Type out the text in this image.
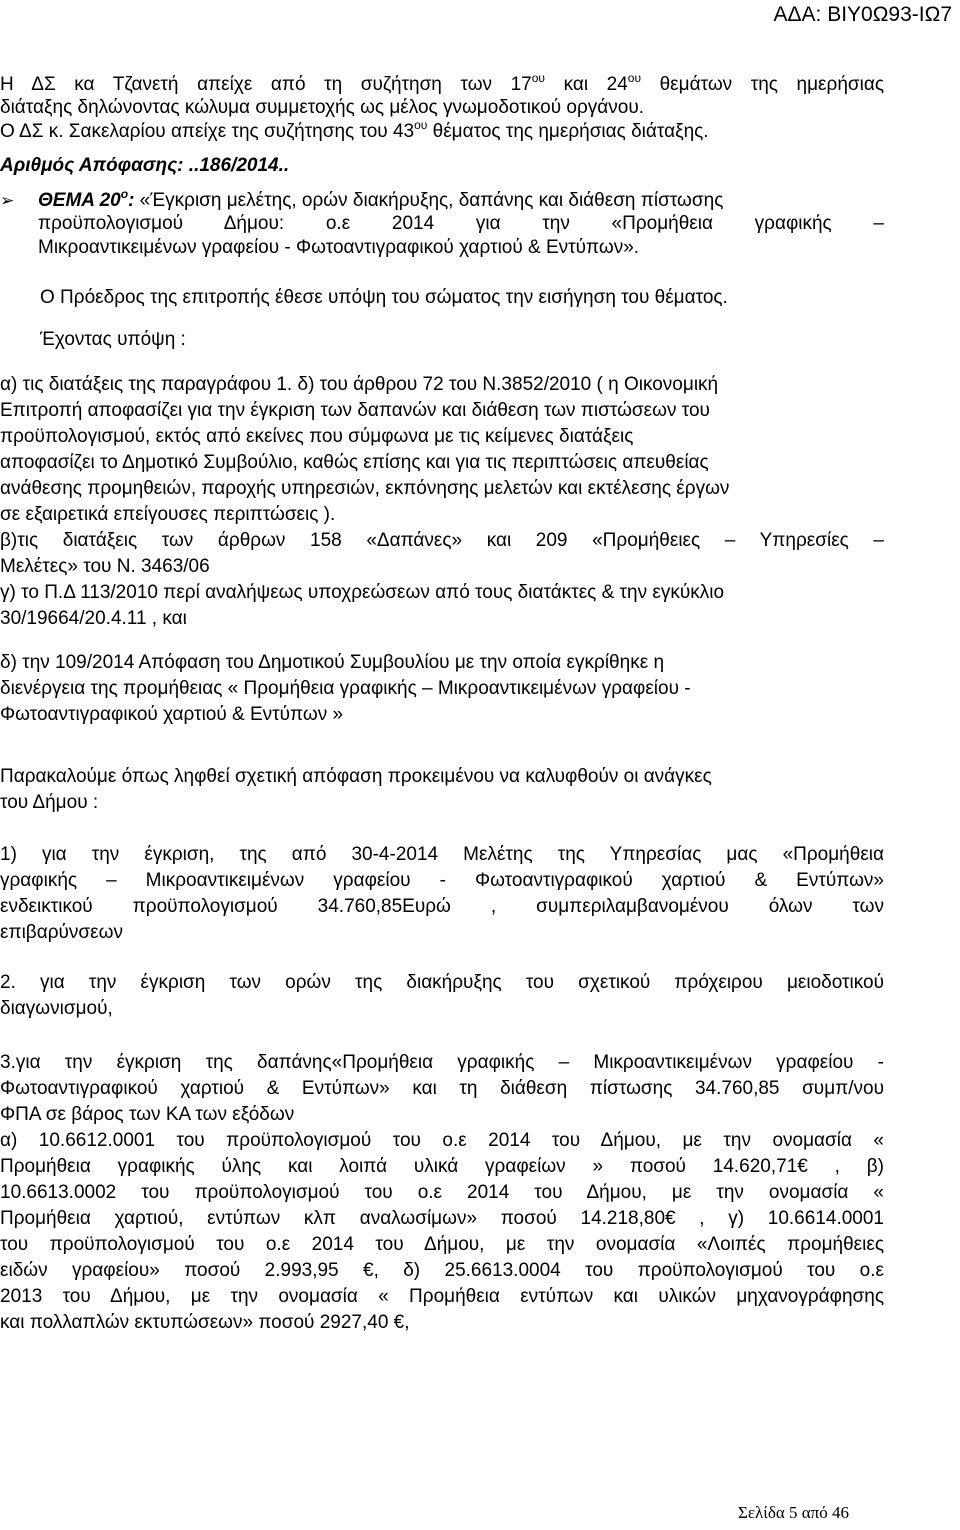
ΑΔΑ: ΒΙΥ0Ω93-ΙΩ7
Η ΔΣ κα Τζανετή απείχε από τη συζήτηση των $17^{o\upsilon}$ και $24^{o\upsilon}$ θεμάτων της ημερήσιας
διάταξης δηλώνοντας κώλυμα συμμετοχής ως μέλος γνωμοδοτικού οργάνου.
Ο ΔΣ κ. Σακελαρίου απείχε της συζήτησης του $43^{o\upsilon}$ θέματος της ημερήσιας διάταξης.
Αριθμός Απόφασης: ..186/2014..
➢ ΘΕΜΑ $20^o$: «Έγκριση μελέτης, ορών διακήρυξης, δαπάνης και διάθεση πίστωσης
προϋπολογισμού Δήμου: ο.ε 2014 για την «Προμήθεια γραφικής –
Μικροαντικειμένων γραφείου - Φωτοαντιγραφικού χαρτιού & Εντύπων».
Ο Πρόεδρος της επιτροπής έθεσε υπόψη του σώματος την εισήγηση του θέματος.
Έχοντας υπόψη :
α) τις διατάξεις της παραγράφου 1. δ) του άρθρου 72 του Ν.3852/2010 ( η Οικονομική
Επιτροπή αποφασίζει για την έγκριση των δαπανών και διάθεση των πιστώσεων του
προϋπολογισμού, εκτός από εκείνες που σύμφωνα με τις κείμενες διατάξεις
αποφασίζει το Δημοτικό Συμβούλιο, καθώς επίσης και για τις περιπτώσεις απευθείας
ανάθεσης προμηθειών, παροχής υπηρεσιών, εκπόνησης μελετών και εκτέλεσης έργων
σε εξαιρετικά επείγουσες περιπτώσεις ).
β)τις διατάξεις των άρθρων 158 «Δαπάνες» και 209 «Προμήθειες – Υπηρεσίες –
Μελέτες» του Ν. 3463/06
γ) το Π.Δ 113/2010 περί αναλήψεως υποχρεώσεων από τους διατάκτες & την εγκύκλιο
30/19664/20.4.11 , και
δ) την 109/2014 Απόφαση του Δημοτικού Συμβουλίου με την οποία εγκρίθηκε η
διενέργεια της προμήθειας « Προμήθεια γραφικής – Μικροαντικειμένων γραφείου -
Φωτοαντιγραφικού χαρτιού & Εντύπων »
Παρακαλούμε όπως ληφθεί σχετική απόφαση προκειμένου να καλυφθούν οι ανάγκες
του Δήμου :
1) για την έγκριση, της από 30-4-2014 Μελέτης της Υπηρεσίας μας «Προμήθεια
γραφικής – Μικροαντικειμένων γραφείου - Φωτοαντιγραφικού χαρτιού & Εντύπων»
ενδεικτικού προϋπολογισμού 34.760,85Ευρώ , συμπεριλαμβανομένου όλων των
επιβαρύνσεων
2. για την έγκριση των ορών της διακήρυξης του σχετικού πρόχειρου μειοδοτικού
διαγωνισμού,
3.για την έγκριση της δαπάνης«Προμήθεια γραφικής – Μικροαντικειμένων γραφείου -
Φωτοαντιγραφικού χαρτιού & Εντύπων» και τη διάθεση πίστωσης 34.760,85 συμπ/νου
ΦΠΑ σε βάρος των ΚΑ των εξόδων
α) 10.6612.0001 του προϋπολογισμού του ο.ε 2014 του Δήμου, με την ονομασία «
Προμήθεια γραφικής ύλης και λοιπά υλικά γραφείων » ποσού 14.620,71€ , β)
10.6613.0002 του προϋπολογισμού του ο.ε 2014 του Δήμου, με την ονομασία «
Προμήθεια χαρτιού, εντύπων κλπ αναλωσίμων» ποσού 14.218,80€ , γ) 10.6614.0001
του προϋπολογισμού του ο.ε 2014 του Δήμου, με την ονομασία «Λοιπές προμήθειες
ειδών γραφείου» ποσού 2.993,95 €, δ) 25.6613.0004 του προϋπολογισμού του ο.ε
2013 του Δήμου, με την ονομασία « Προμήθεια εντύπων και υλικών μηχανογράφησης
και πολλαπλών εκτυπώσεων» ποσού 2927,40 €,
Σελίδα 5 από 46
